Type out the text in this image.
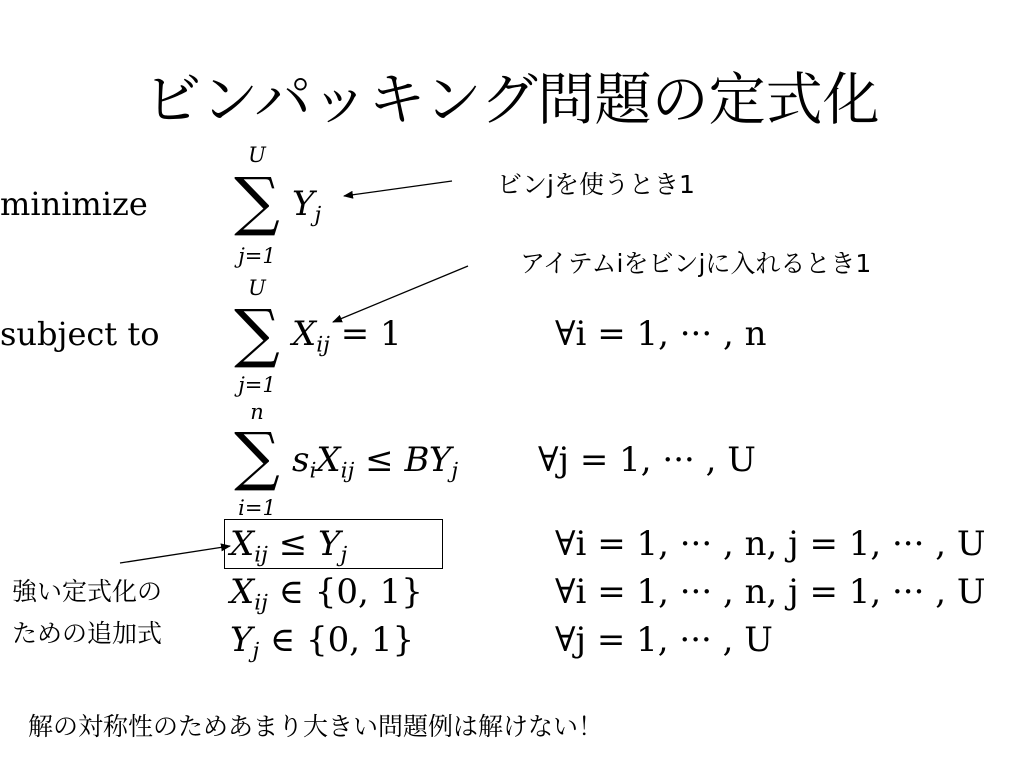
ビンパッキング問題の定式化
minimize
U
∑
j=1
$Y_j$
subject to
U
∑
j=1
$X_{ij} = 1$	∀i = 1, ··· , n
n
∑
i=1
$s_iX_{ij} \le BY_j$ ∀j = 1, ··· , U
$X_{ij} \le Y_j$	∀i = 1, ··· , n, j = 1, ··· , U
$X_{ij}$ ∈ {0, 1}	∀i = 1, ··· , n, j = 1, ··· , U
$Y_j$ ∈ {0, 1}	∀j = 1, ··· , U
ビンjを使うとき1
アイテムiをビンjに入れるとき1
強い定式化の
ための追加式
解の対称性のためあまり大きい問題例は解けない！
